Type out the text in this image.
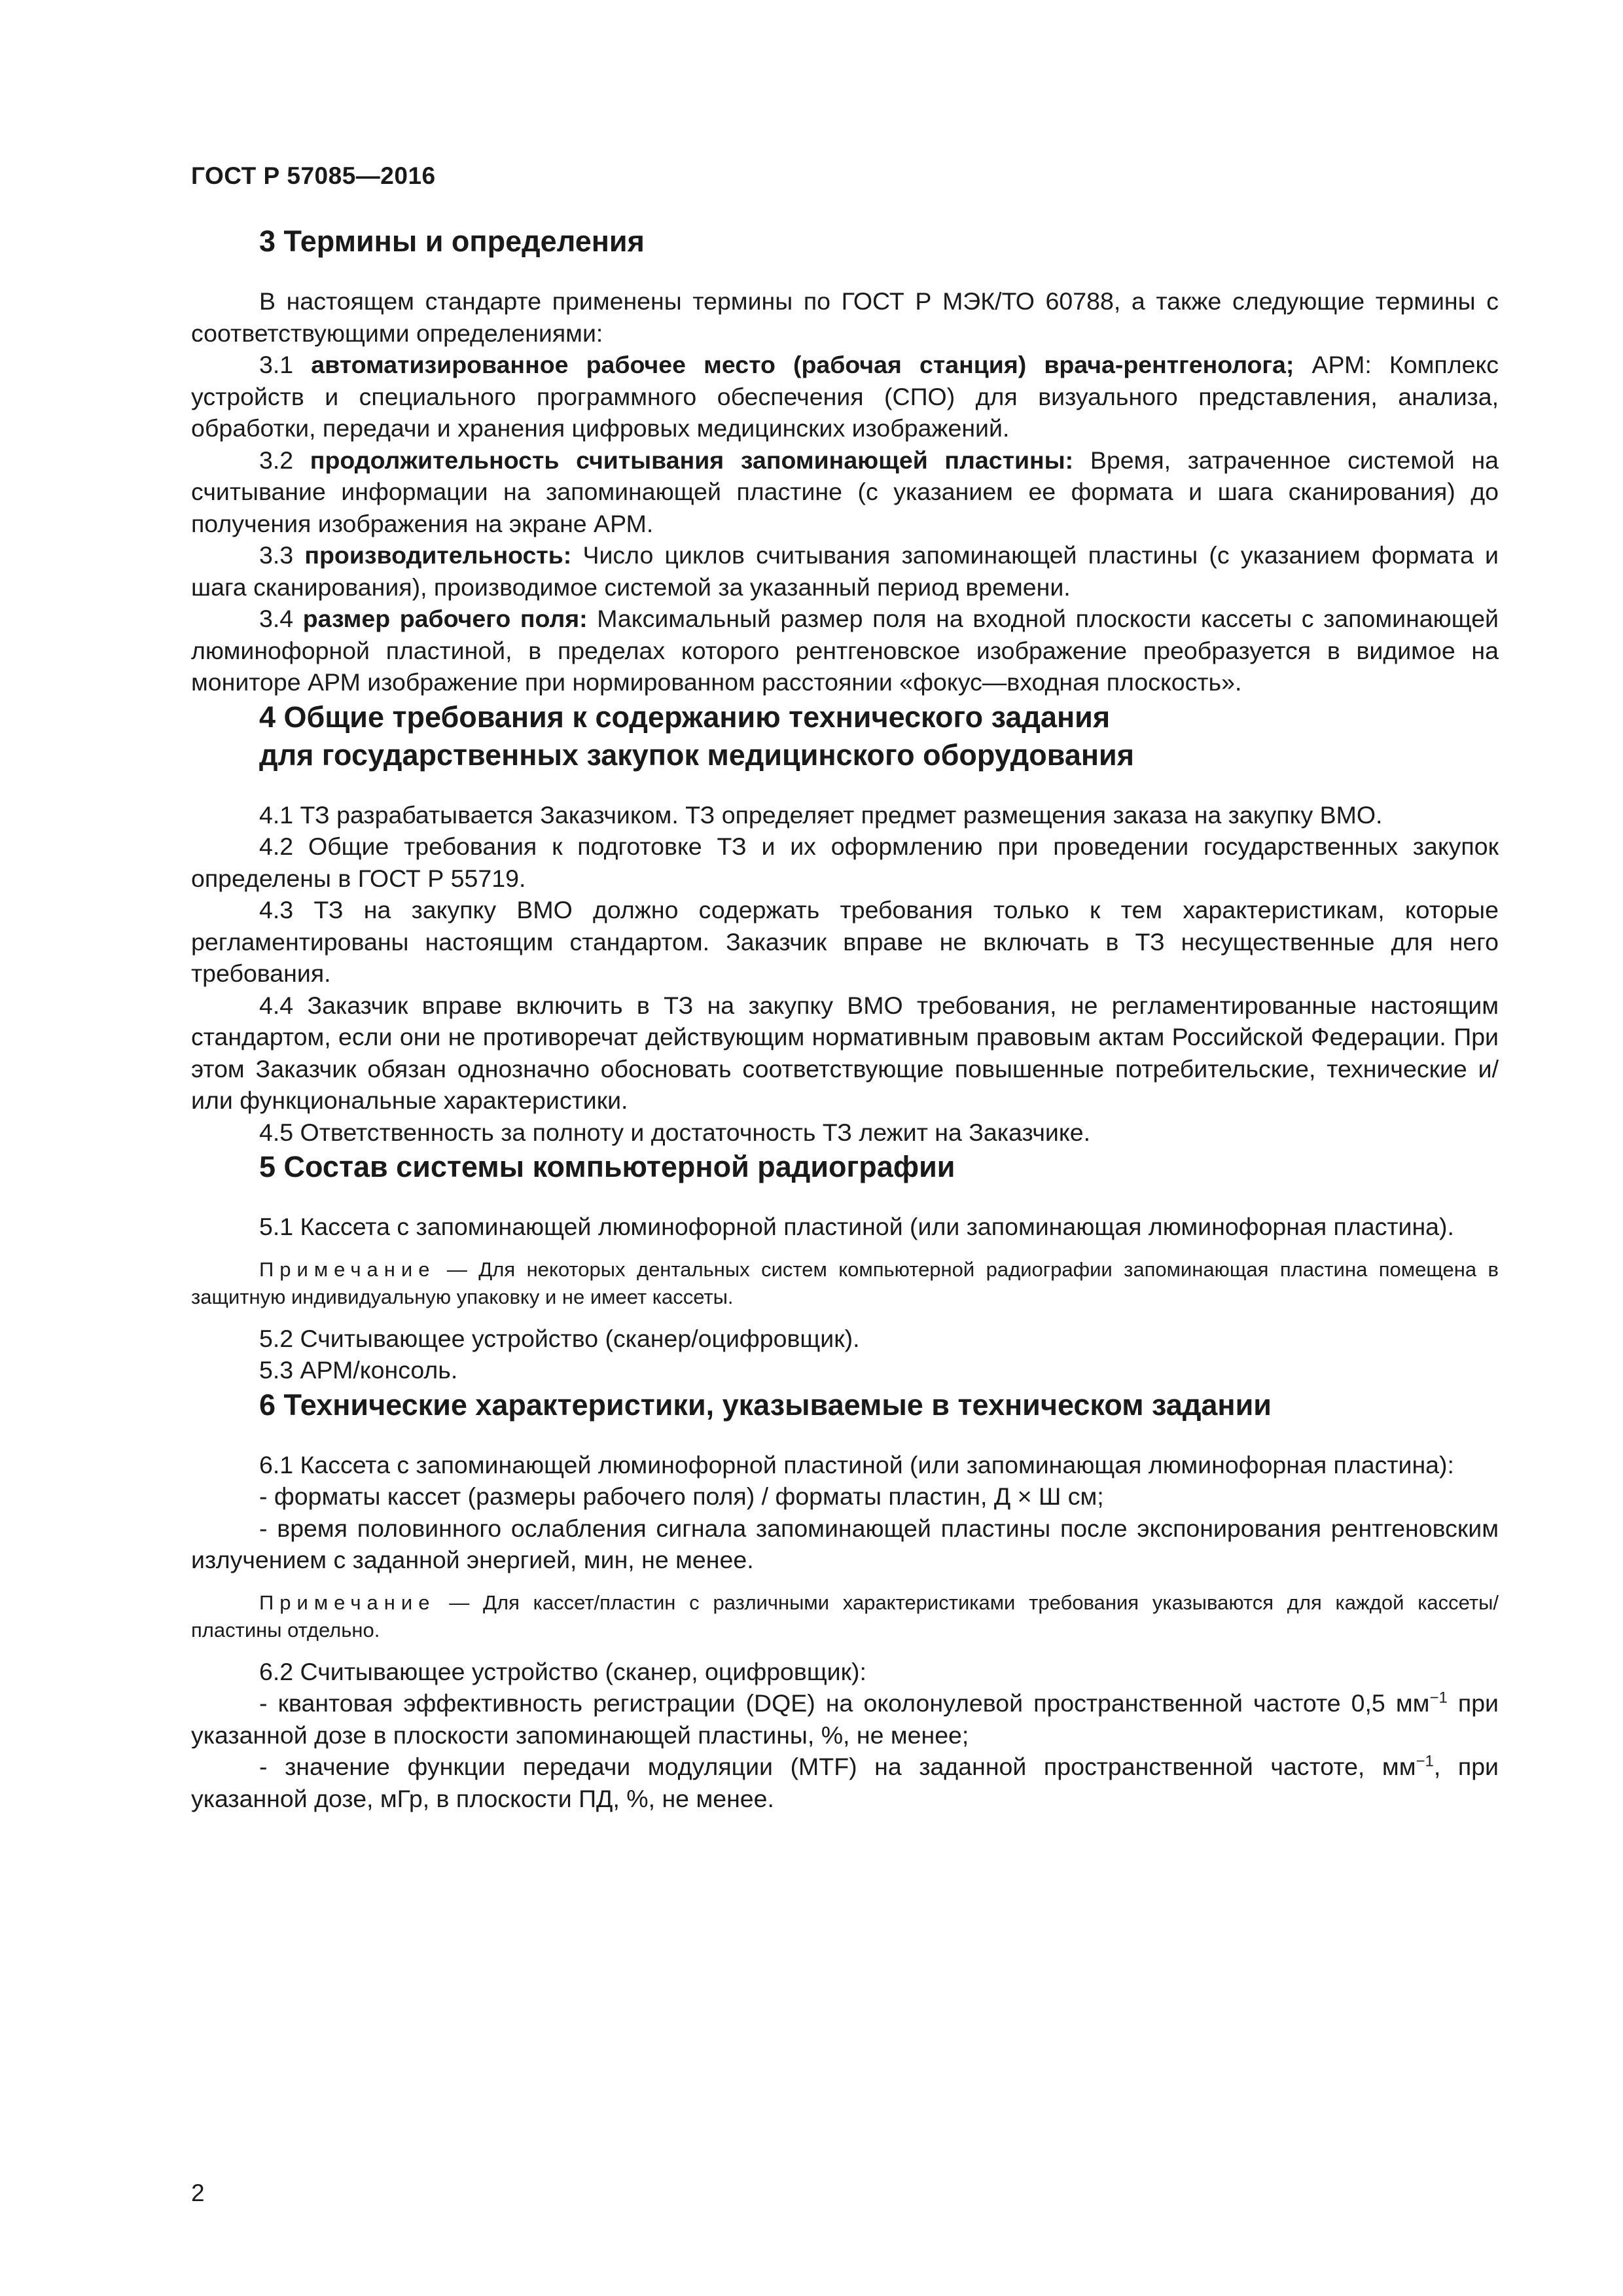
ГОСТ Р 57085—2016
3 Термины и определения

В настоящем стандарте применены термины по ГОСТ Р МЭК/ТО 60788, а также следующие термины с соответствующими определениями:

3.1 автоматизированное рабочее место (рабочая станция) врача-рентгенолога; АРМ: Комплекс устройств и специального программного обеспечения (СПО) для визуального представления, анализа, обработки, передачи и хранения цифровых медицинских изображений.

3.2 продолжительность считывания запоминающей пластины: Время, затраченное системой на считывание информации на запоминающей пластине (с указанием ее формата и шага сканирования) до получения изображения на экране АРМ.

3.3 производительность: Число циклов считывания запоминающей пластины (с указанием формата и шага сканирования), производимое системой за указанный период времени.

3.4 размер рабочего поля: Максимальный размер поля на входной плоскости кассеты с запоминающей люминофорной пластиной, в пределах которого рентгеновское изображение преобразуется в видимое на мониторе АРМ изображение при нормированном расстоянии «фокус—входная плоскость».

4 Общие требования к содержанию технического задания
для государственных закупок медицинского оборудования

4.1 ТЗ разрабатывается Заказчиком. ТЗ определяет предмет размещения заказа на закупку ВМО.

4.2 Общие требования к подготовке ТЗ и их оформлению при проведении государственных закупок определены в ГОСТ Р 55719.

4.3 ТЗ на закупку ВМО должно содержать требования только к тем характеристикам, которые регламентированы настоящим стандартом. Заказчик вправе не включать в ТЗ несущественные для него требования.

4.4 Заказчик вправе включить в ТЗ на закупку ВМО требования, не регламентированные настоящим стандартом, если они не противоречат действующим нормативным правовым актам Российской Федерации. При этом Заказчик обязан однозначно обосновать соответствующие повышенные потребительские, технические и/или функциональные характеристики.

4.5 Ответственность за полноту и достаточность ТЗ лежит на Заказчике.

5 Состав системы компьютерной радиографии

5.1 Кассета с запоминающей люминофорной пластиной (или запоминающая люминофорная пластина).

Примечание — Для некоторых дентальных систем компьютерной радиографии запоминающая пластина помещена в защитную индивидуальную упаковку и не имеет кассеты.

5.2 Считывающее устройство (сканер/оцифровщик).

5.3 АРМ/консоль.

6 Технические характеристики, указываемые в техническом задании

6.1 Кассета с запоминающей люминофорной пластиной (или запоминающая люминофорная пластина):

- форматы кассет (размеры рабочего поля) / форматы пластин, Д × Ш см;

- время половинного ослабления сигнала запоминающей пластины после экспонирования рентгеновским излучением с заданной энергией, мин, не менее.

Примечание — Для кассет/пластин с различными характеристиками требования указываются для каждой кассеты/пластины отдельно.

6.2 Считывающее устройство (сканер, оцифровщик):

- квантовая эффективность регистрации (DQE) на околонулевой пространственной частоте 0,5 $мм^{-1}$ при указанной дозе в плоскости запоминающей пластины, %, не менее;

- значение функции передачи модуляции (MTF) на заданной пространственной частоте, $мм^{-1}$, при указанной дозе, мГр, в плоскости ПД, %, не менее.

2
